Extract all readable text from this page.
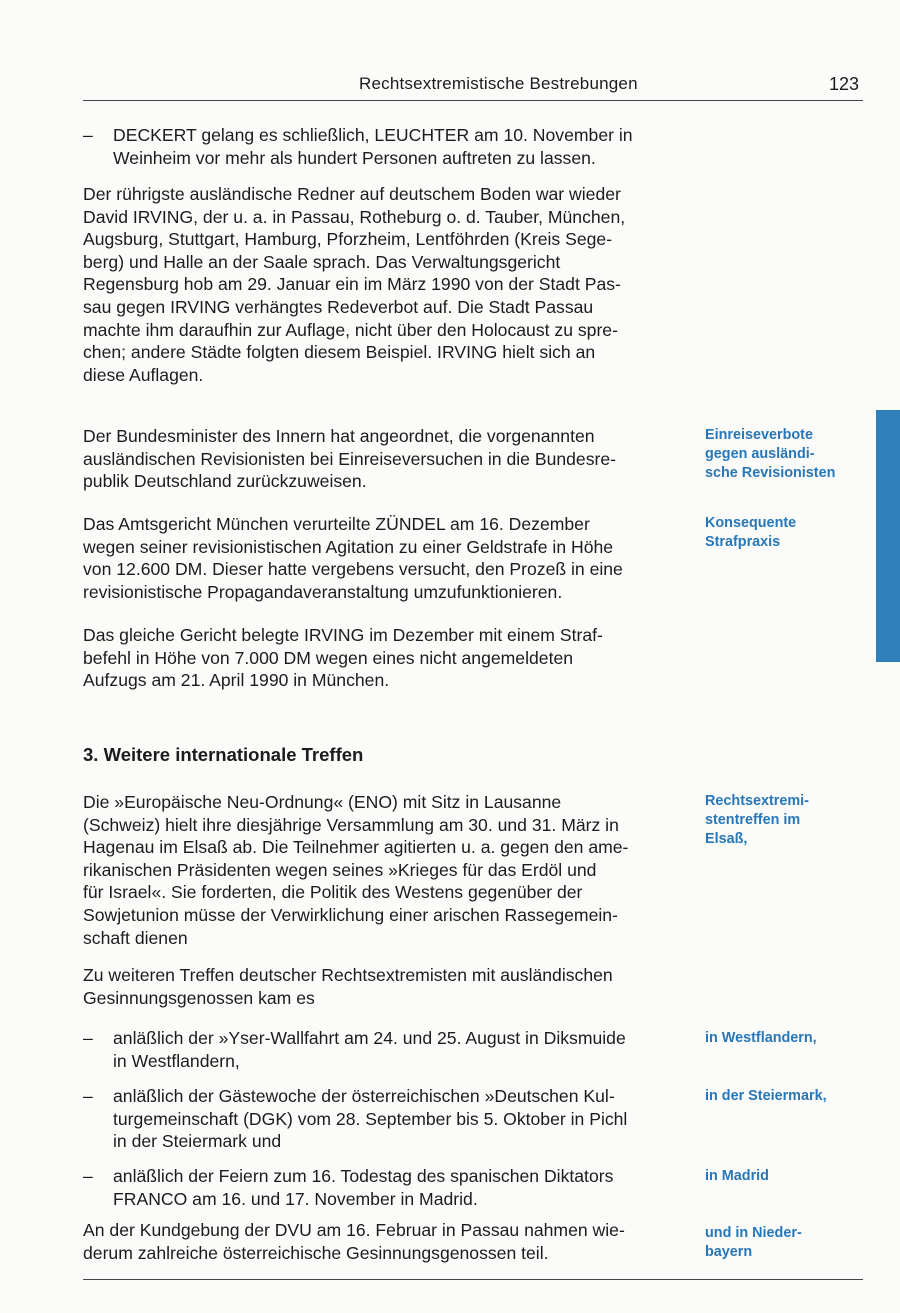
Rechtsextremistische Bestrebungen	123
–	DECKERT gelang es schließlich, LEUCHTER am 10. November in
Weinheim vor mehr als hundert Personen auftreten zu lassen.
Der rührigste ausländische Redner auf deutschem Boden war wieder
David IRVING, der u. a. in Passau, Rotheburg o. d. Tauber, München,
Augsburg, Stuttgart, Hamburg, Pforzheim, Lentföhrden (Kreis Sege-
berg) und Halle an der Saale sprach. Das Verwaltungsgericht
Regensburg hob am 29. Januar ein im März 1990 von der Stadt Pas-
sau gegen IRVING verhängtes Redeverbot auf. Die Stadt Passau
machte ihm daraufhin zur Auflage, nicht über den Holocaust zu spre-
chen; andere Städte folgten diesem Beispiel. IRVING hielt sich an
diese Auflagen.
Der Bundesminister des Innern hat angeordnet, die vorgenannten
ausländischen Revisionisten bei Einreiseversuchen in die Bundesre-
publik Deutschland zurückzuweisen.
Einreiseverbote
gegen ausländi-
sche Revisionisten
Das Amtsgericht München verurteilte ZÜNDEL am 16. Dezember
wegen seiner revisionistischen Agitation zu einer Geldstrafe in Höhe
von 12.600 DM. Dieser hatte vergebens versucht, den Prozeß in eine
revisionistische Propagandaveranstaltung umzufunktionieren.
Konsequente
Strafpraxis
Das gleiche Gericht belegte IRVING im Dezember mit einem Straf-
befehl in Höhe von 7.000 DM wegen eines nicht angemeldeten
Aufzugs am 21. April 1990 in München.
3. Weitere internationale Treffen
Die »Europäische Neu-Ordnung« (ENO) mit Sitz in Lausanne
(Schweiz) hielt ihre diesjährige Versammlung am 30. und 31. März in
Hagenau im Elsaß ab. Die Teilnehmer agitierten u. a. gegen den ame-
rikanischen Präsidenten wegen seines »Krieges für das Erdöl und
für Israel«. Sie forderten, die Politik des Westens gegenüber der
Sowjetunion müsse der Verwirklichung einer arischen Rassegemein-
schaft dienen
Rechtsextremi-
stentreffen im
Elsaß,
Zu weiteren Treffen deutscher Rechtsextremisten mit ausländischen
Gesinnungsgenossen kam es
–	anläßlich der »Yser-Wallfahrt am 24. und 25. August in Diksmuide
in Westflandern,
in Westflandern,
–	anläßlich der Gästewoche der österreichischen »Deutschen Kul-
turgemeinschaft (DGK) vom 28. September bis 5. Oktober in Pichl
in der Steiermark und
in der Steiermark,
–	anläßlich der Feiern zum 16. Todestag des spanischen Diktators
FRANCO am 16. und 17. November in Madrid.
in Madrid
An der Kundgebung der DVU am 16. Februar in Passau nahmen wie-
derum zahlreiche österreichische Gesinnungsgenossen teil.
und in Nieder-
bayern
